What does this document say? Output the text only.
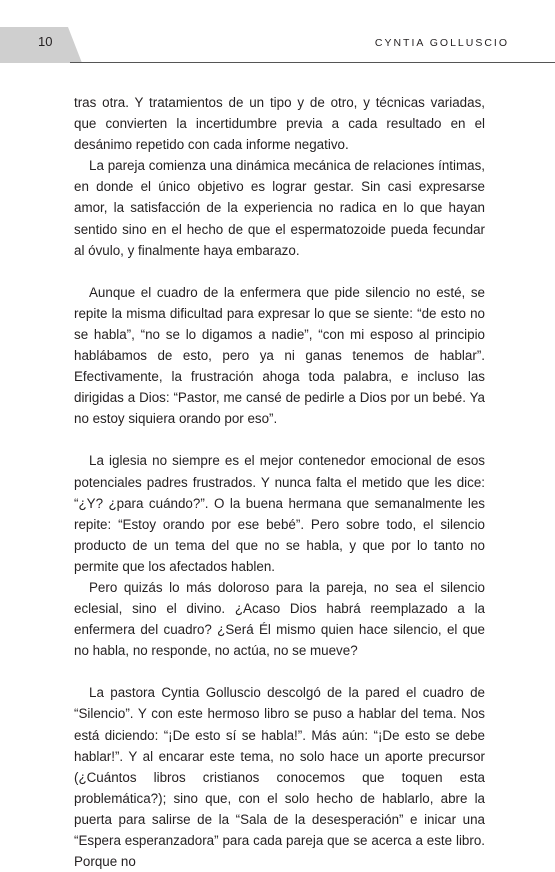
10	CYNTIA GOLLUSCIO

tras otra. Y tratamientos de un tipo y de otro, y técnicas variadas, que convierten la incertidumbre previa a cada resultado en el desánimo repetido con cada informe negativo.

La pareja comienza una dinámica mecánica de relaciones íntimas, en donde el único objetivo es lograr gestar. Sin casi expresarse amor, la satisfacción de la experiencia no radica en lo que hayan sentido sino en el hecho de que el espermatozoide pueda fecundar al óvulo, y finalmente haya embarazo.

Aunque el cuadro de la enfermera que pide silencio no esté, se repite la misma dificultad para expresar lo que se siente: “de esto no se habla”, “no se lo digamos a nadie”, “con mi esposo al principio hablábamos de esto, pero ya ni ganas tenemos de hablar”. Efectivamente, la frustración ahoga toda palabra, e incluso las dirigidas a Dios: “Pastor, me cansé de pedirle a Dios por un bebé. Ya no estoy siquiera orando por eso”.

La iglesia no siempre es el mejor contenedor emocional de esos potenciales padres frustrados. Y nunca falta el metido que les dice: “¿Y? ¿para cuándo?”. O la buena hermana que semanalmente les repite: “Estoy orando por ese bebé”. Pero sobre todo, el silencio producto de un tema del que no se habla, y que por lo tanto no permite que los afectados hablen.

Pero quizás lo más doloroso para la pareja, no sea el silencio eclesial, sino el divino. ¿Acaso Dios habrá reemplazado a la enfermera del cuadro? ¿Será Él mismo quien hace silencio, el que no habla, no responde, no actúa, no se mueve?

La pastora Cyntia Golluscio descolgó de la pared el cuadro de “Silencio”. Y con este hermoso libro se puso a hablar del tema. Nos está diciendo: “¡De esto sí se habla!”. Más aún: “¡De esto se debe hablar!”. Y al encarar este tema, no solo hace un aporte precursor (¿Cuántos libros cristianos conocemos que toquen esta problemática?); sino que, con el solo hecho de hablarlo, abre la puerta para salirse de la “Sala de la desesperación” e inicar una “Espera esperanzadora” para cada pareja que se acerca a este libro. Porque no
